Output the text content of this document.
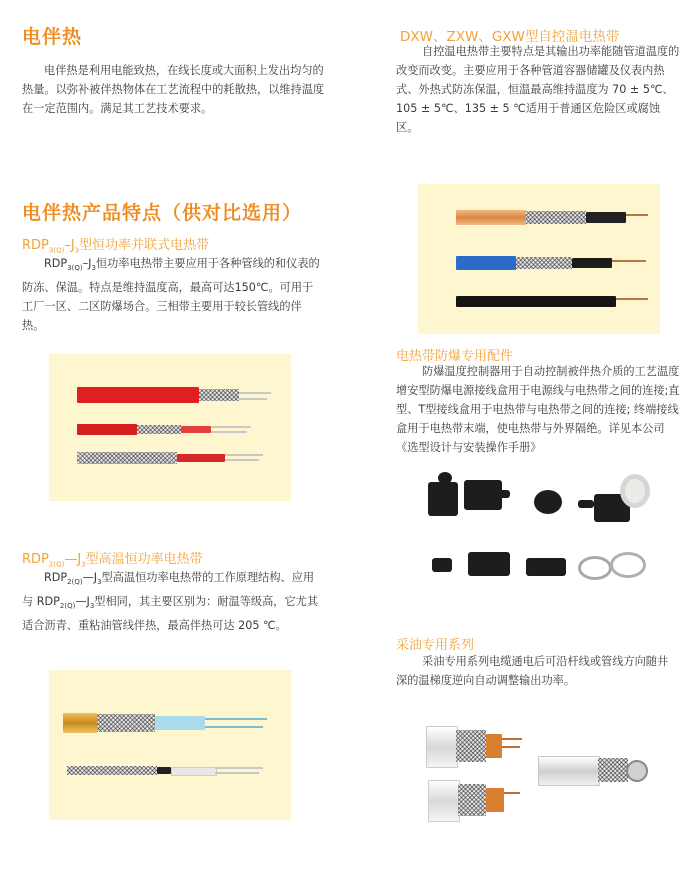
电伴热
电伴热是利用电能致热，在线长度或大面积上发出均匀的热量。以弥补被伴热物体在工艺流程中的耗散热，以维持温度在一定范围内。满足其工艺技术要求。
电伴热产品特点（供对比选用）
$RDP_{3(Q)}-J_3$型恒功率并联式电热带
$RDP_{3(Q)}-J_3$恒功率电热带主要应用于各种管线的和仪表的防冻、保温。特点是维持温度高，最高可达150℃。可用于工厂一区、二区防爆场合。三相带主要用于较长管线的伴热。
$RDP_{2(Q)}—J_3$型高温恒功率电热带
$RDP_{2(Q)}—J_3$型高温恒功率电热带的工作原理结构、应用与 $RDP_{2(Q)}—J_3$型相同，其主要区别为：耐温等级高，它尤其适合沥青、重粘油管线伴热，最高伴热可达 205 ℃。
DXW、ZXW、GXW型自控温电热带
自控温电热带主要特点是其输出功率能随管道温度的改变而改变。主要应用于各种管道容器储罐及仪表内热式、外热式防冻保温，恒温最高维持温度为 70 ± 5℃、105 ± 5℃、135 ± 5 ℃适用于普通区危险区或腐蚀区。
电热带防爆专用配件
防爆温度控制器用于自动控制被伴热介质的工艺温度增安型防爆电源接线盒用于电源线与电热带之间的连接;直型、T型接线盒用于电热带与电热带之间的连接; 终端接线盒用于电热带末端，使电热带与外界隔绝。详见本公司《选型设计与安装操作手册》
采油专用系列
采油专用系列电缆通电后可沿杆线或管线方向随井深的温梯度逆向自动调整输出功率。
